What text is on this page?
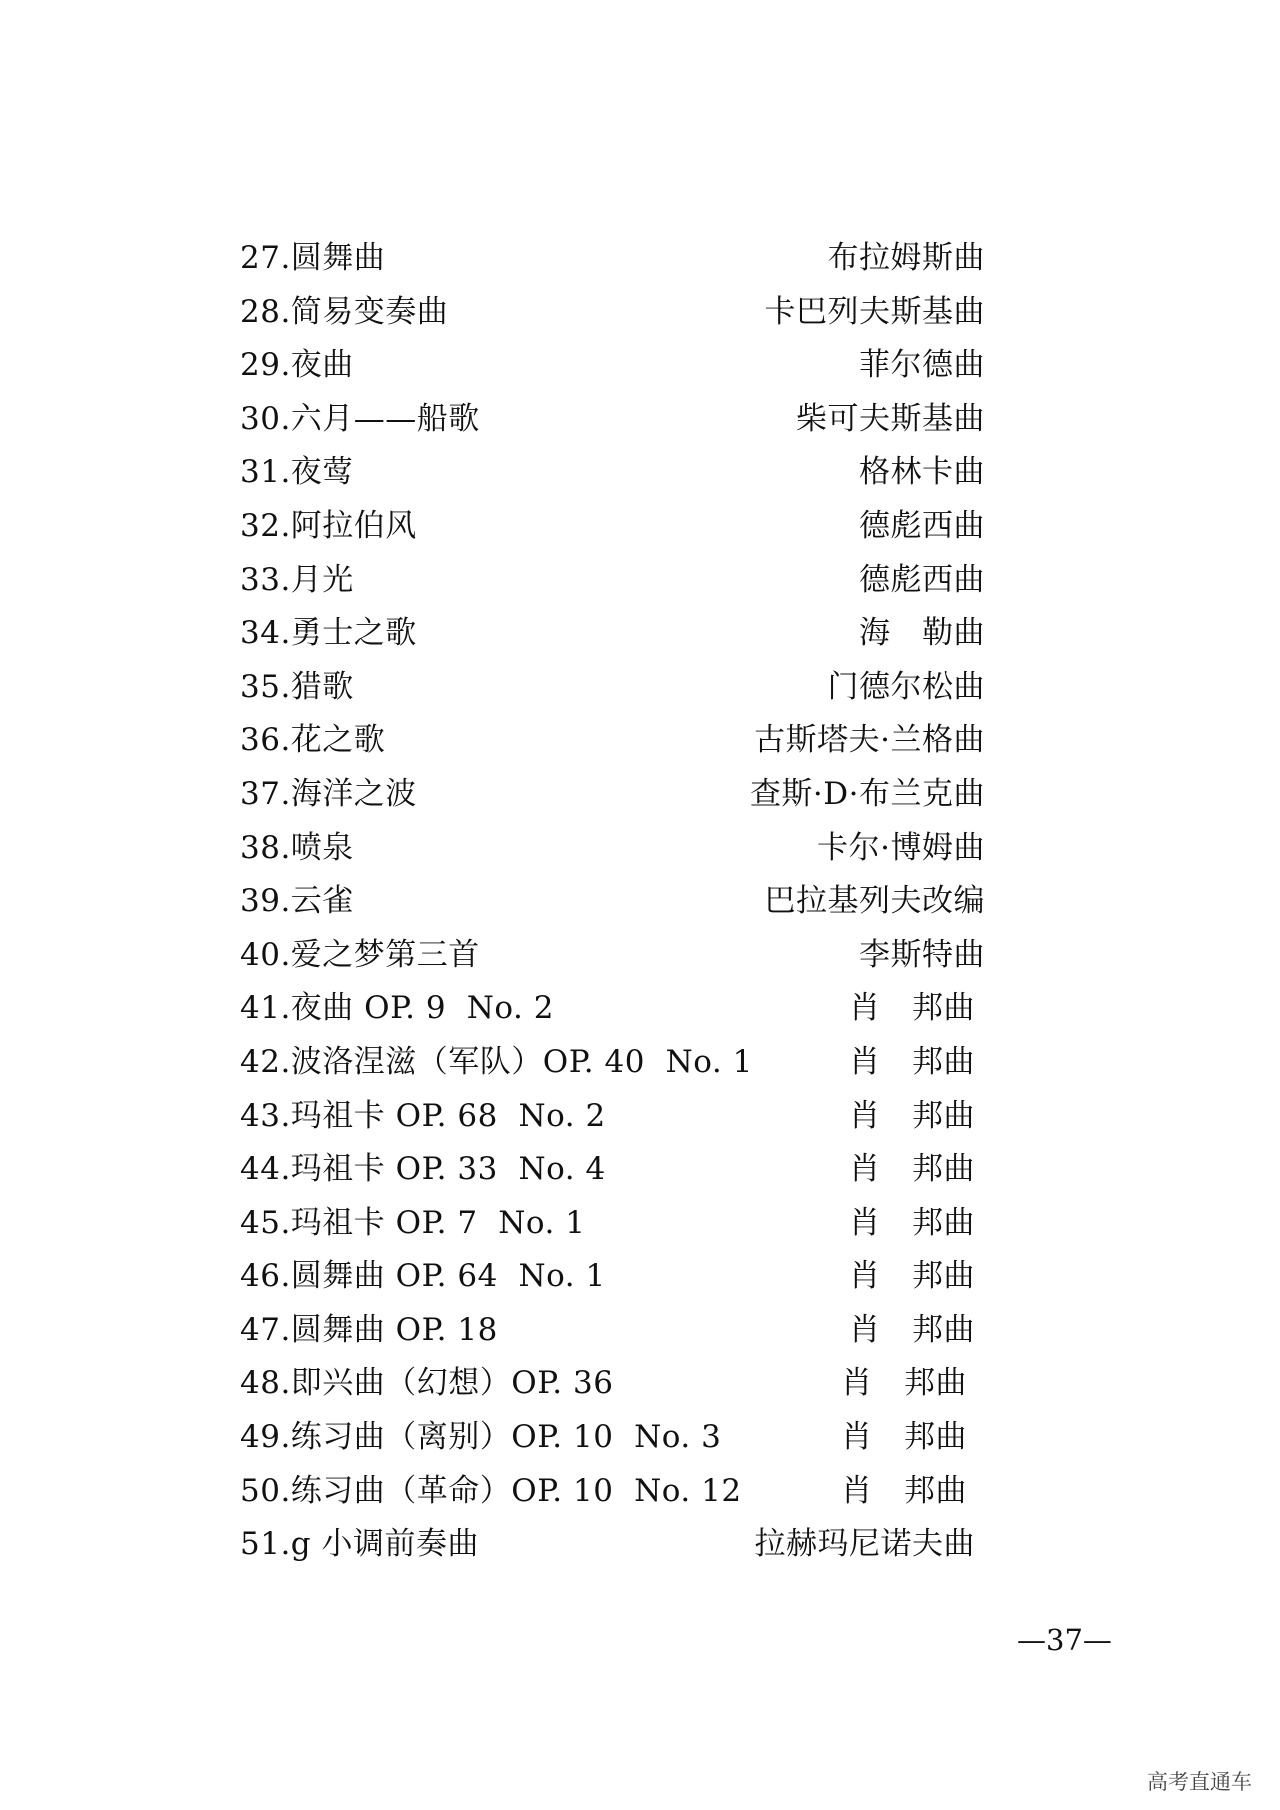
27.圆舞曲	布拉姆斯曲
28.简易变奏曲	卡巴列夫斯基曲
29.夜曲	菲尔德曲
30.六月——船歌	柴可夫斯基曲
31.夜莺	格林卡曲
32.阿拉伯风	德彪西曲
33.月光	德彪西曲
34.勇士之歌	海　勒曲
35.猎歌	门德尔松曲
36.花之歌	古斯塔夫·兰格曲
37.海洋之波	查斯·D·布兰克曲
38.喷泉	卡尔·博姆曲
39.云雀	巴拉基列夫改编
40.爱之梦第三首	李斯特曲
41.夜曲 OP. 9  No. 2	肖　邦曲
42.波洛涅滋（军队）OP. 40  No. 1	肖　邦曲
43.玛祖卡 OP. 68  No. 2	肖　邦曲
44.玛祖卡 OP. 33  No. 4	肖　邦曲
45.玛祖卡 OP. 7  No. 1	肖　邦曲
46.圆舞曲 OP. 64  No. 1	肖　邦曲
47.圆舞曲 OP. 18	肖　邦曲
48.即兴曲（幻想）OP. 36	肖　邦曲
49.练习曲（离别）OP. 10  No. 3	肖　邦曲
50.练习曲（革命）OP. 10  No. 12	肖　邦曲
51.g 小调前奏曲	拉赫玛尼诺夫曲
—37—
高考直通车
